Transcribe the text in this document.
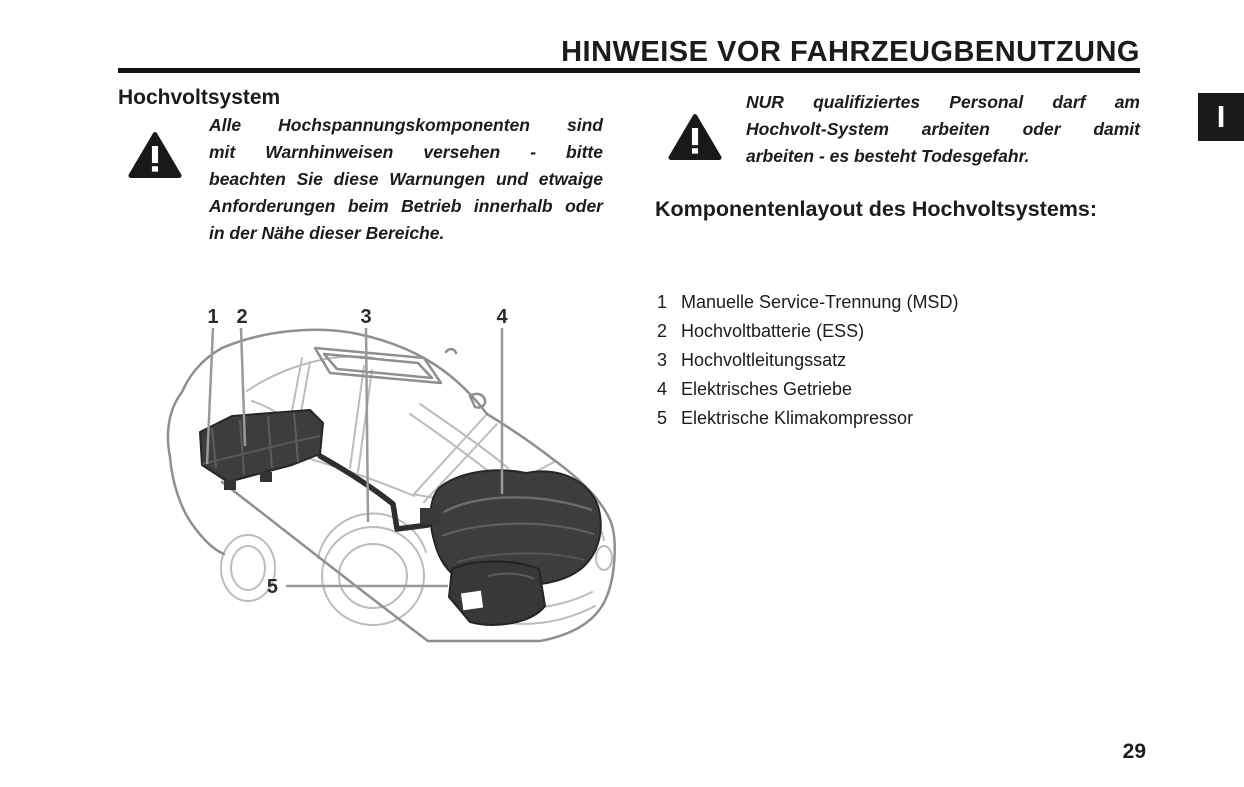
HINWEISE VOR FAHRZEUGBENUTZUNG
I
Hochvoltsystem
Alle Hochspannungskomponenten sind
mit Warnhinweisen versehen - bitte
beachten Sie diese Warnungen und etwaige
Anforderungen beim Betrieb innerhalb oder
in der Nähe dieser Bereiche.
NUR qualifiziertes Personal darf am
Hochvolt-System arbeiten oder damit
arbeiten - es besteht Todesgefahr.
Komponentenlayout des Hochvoltsystems:
1 Manuelle Service-Trennung (MSD)
2 Hochvoltbatterie (ESS)
3 Hochvoltleitungssatz
4 Elektrisches Getriebe
5 Elektrische Klimakompressor
1 2	3	4
5
29
